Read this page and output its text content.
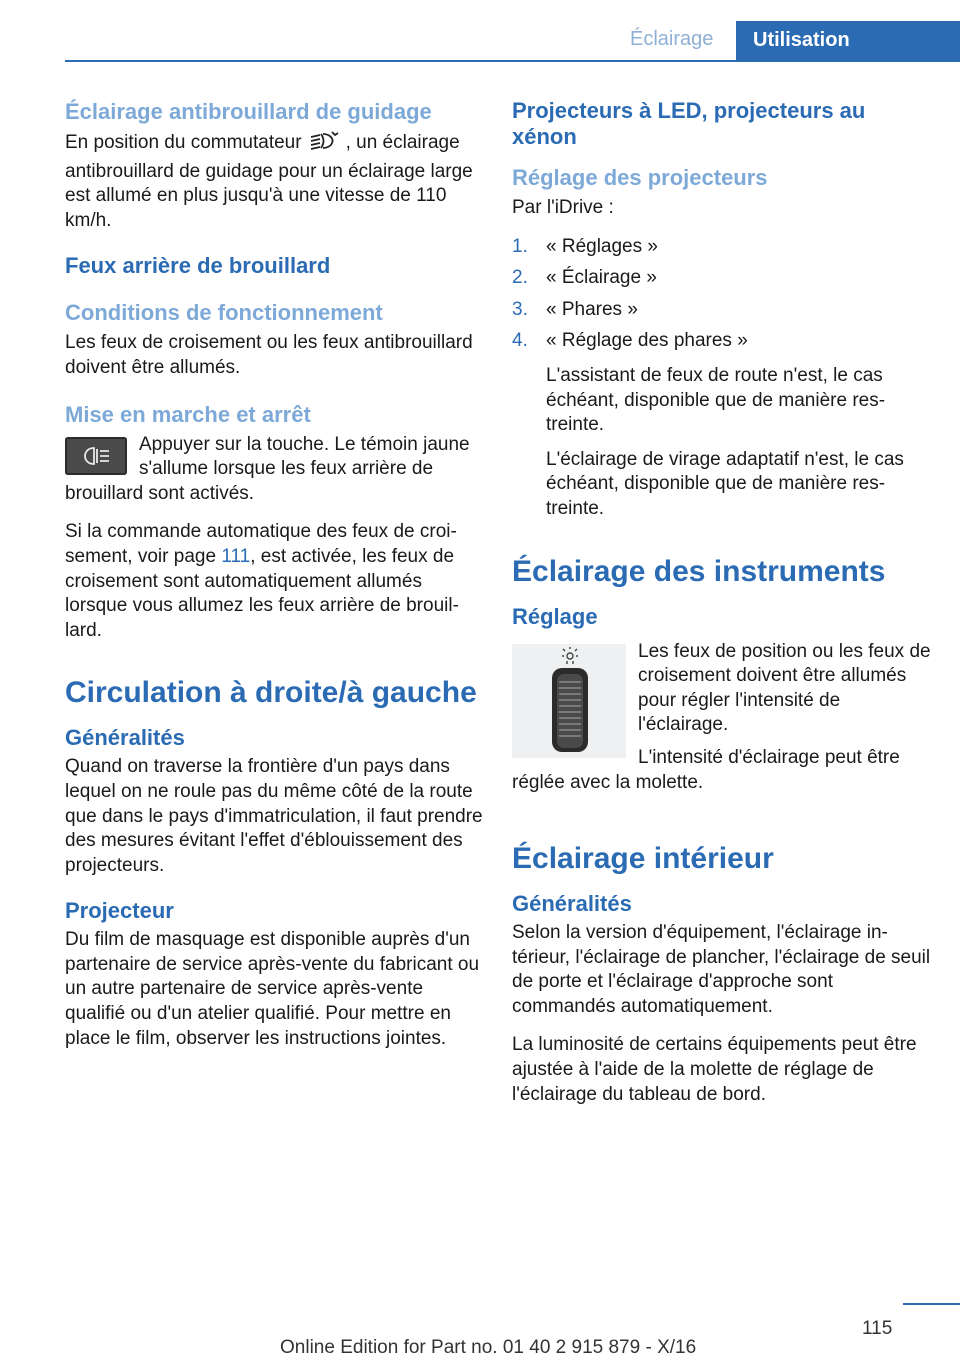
Éclairage	Utilisation
Éclairage antibrouillard de guidage

En position du commutateur , un éclairage antibrouillard de guidage pour un éclairage large est allumé en plus jusqu'à une vitesse de 110 km/h.

Feux arrière de brouillard
Conditions de fonctionnement

Les feux de croisement ou les feux antibrouillard doivent être allumés.

Mise en marche et arrêt

Appuyer sur la touche. Le témoin jaune s'allume lorsque les feux arrière de brouillard sont activés.

Si la commande automatique des feux de croisement, voir page 111, est activée, les feux de croisement sont automatiquement allumés lorsque vous allumez les feux arrière de brouillard.

Circulation à droite/à gauche
Généralités

Quand on traverse la frontière d'un pays dans lequel on ne roule pas du même côté de la route que dans le pays d'immatriculation, il faut prendre des mesures évitant l'effet d'éblouissement des projecteurs.

Projecteur

Du film de masquage est disponible auprès d'un partenaire de service après-vente du fabricant ou un autre partenaire de service après-vente qualifié ou d'un atelier qualifié. Pour mettre en place le film, observer les instructions jointes.

Projecteurs à LED, projecteurs au xénon
Réglage des projecteurs

Par l'iDrive :

1. « Réglages »
2. « Éclairage »
3. « Phares »
4. « Réglage des phares »

L'assistant de feux de route n'est, le cas échéant, disponible que de manière restreinte.

L'éclairage de virage adaptatif n'est, le cas échéant, disponible que de manière restreinte.

Éclairage des instruments
Réglage

Les feux de position ou les feux de croisement doivent être allumés pour régler l'intensité de l'éclairage.

L'intensité d'éclairage peut être réglée avec la molette.

Éclairage intérieur
Généralités

Selon la version d'équipement, l'éclairage intérieur, l'éclairage de plancher, l'éclairage de seuil de porte et l'éclairage d'approche sont commandés automatiquement.

La luminosité de certains équipements peut être ajustée à l'aide de la molette de réglage de l'éclairage du tableau de bord.

115
Online Edition for Part no. 01 40 2 915 879 - X/16
